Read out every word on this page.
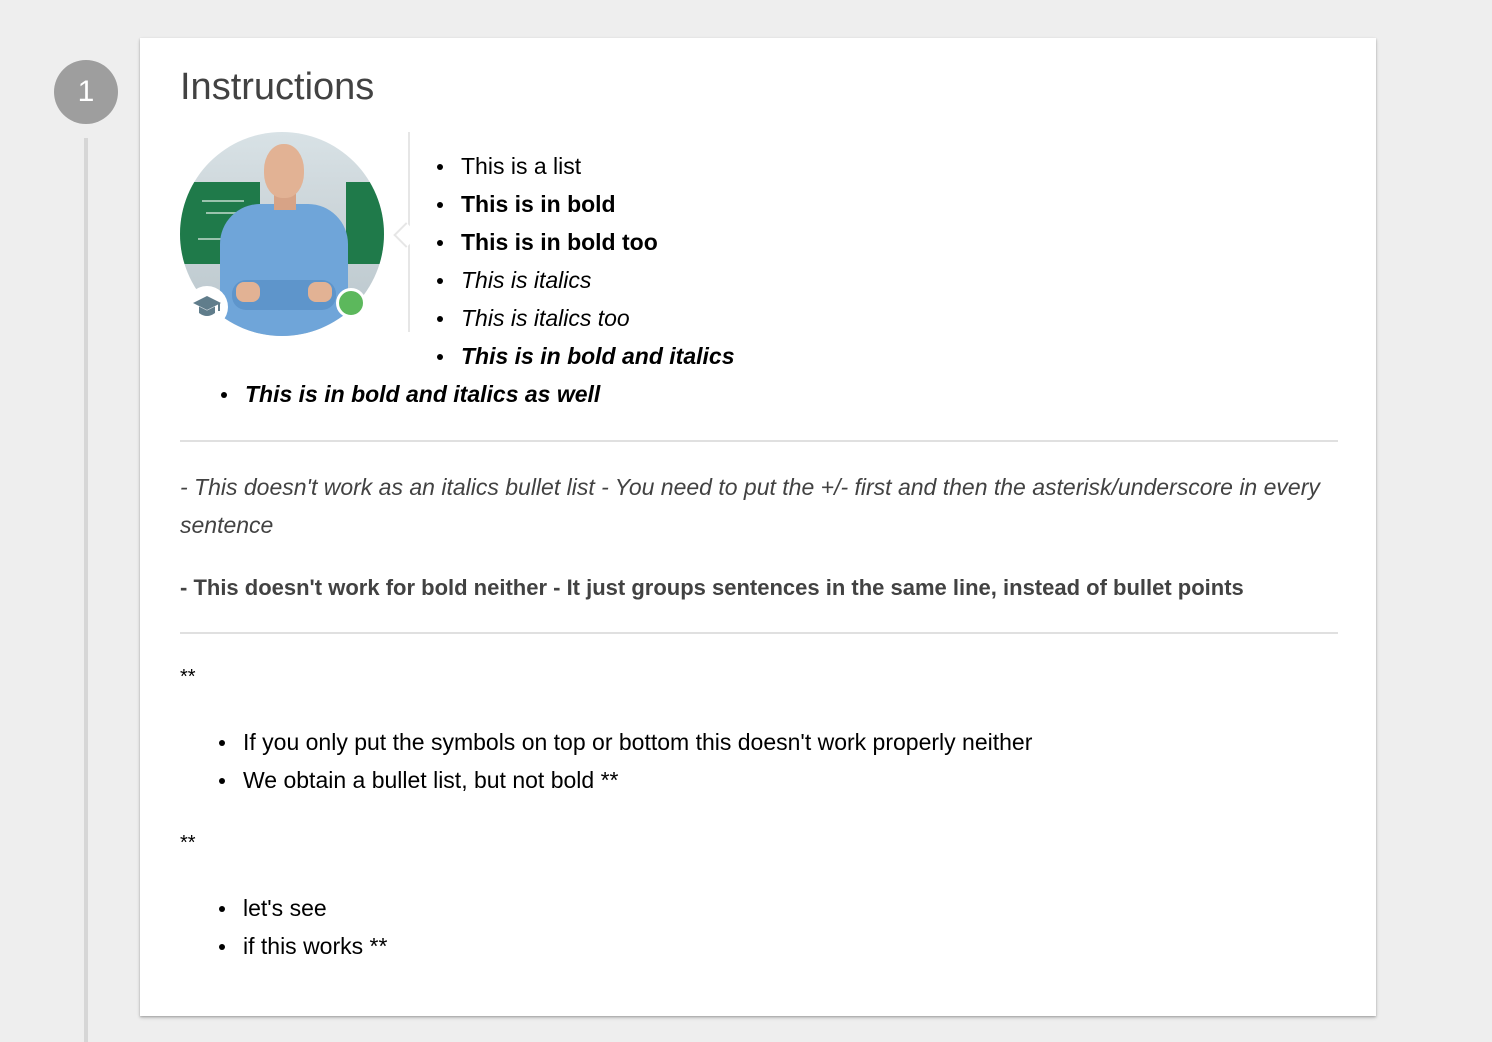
1	Instructions
This is a list
This is in bold
This is in bold too
This is italics
This is italics too
This is in bold and italics
This is in bold and italics as well

- This doesn't work as an italics bullet list - You need to put the +/- first and then the asterisk/underscore in every sentence

- This doesn't work for bold neither - It just groups sentences in the same line, instead of bullet points

**

If you only put the symbols on top or bottom this doesn't work properly neither
We obtain a bullet list, but not bold **

**

let's see
if this works **
